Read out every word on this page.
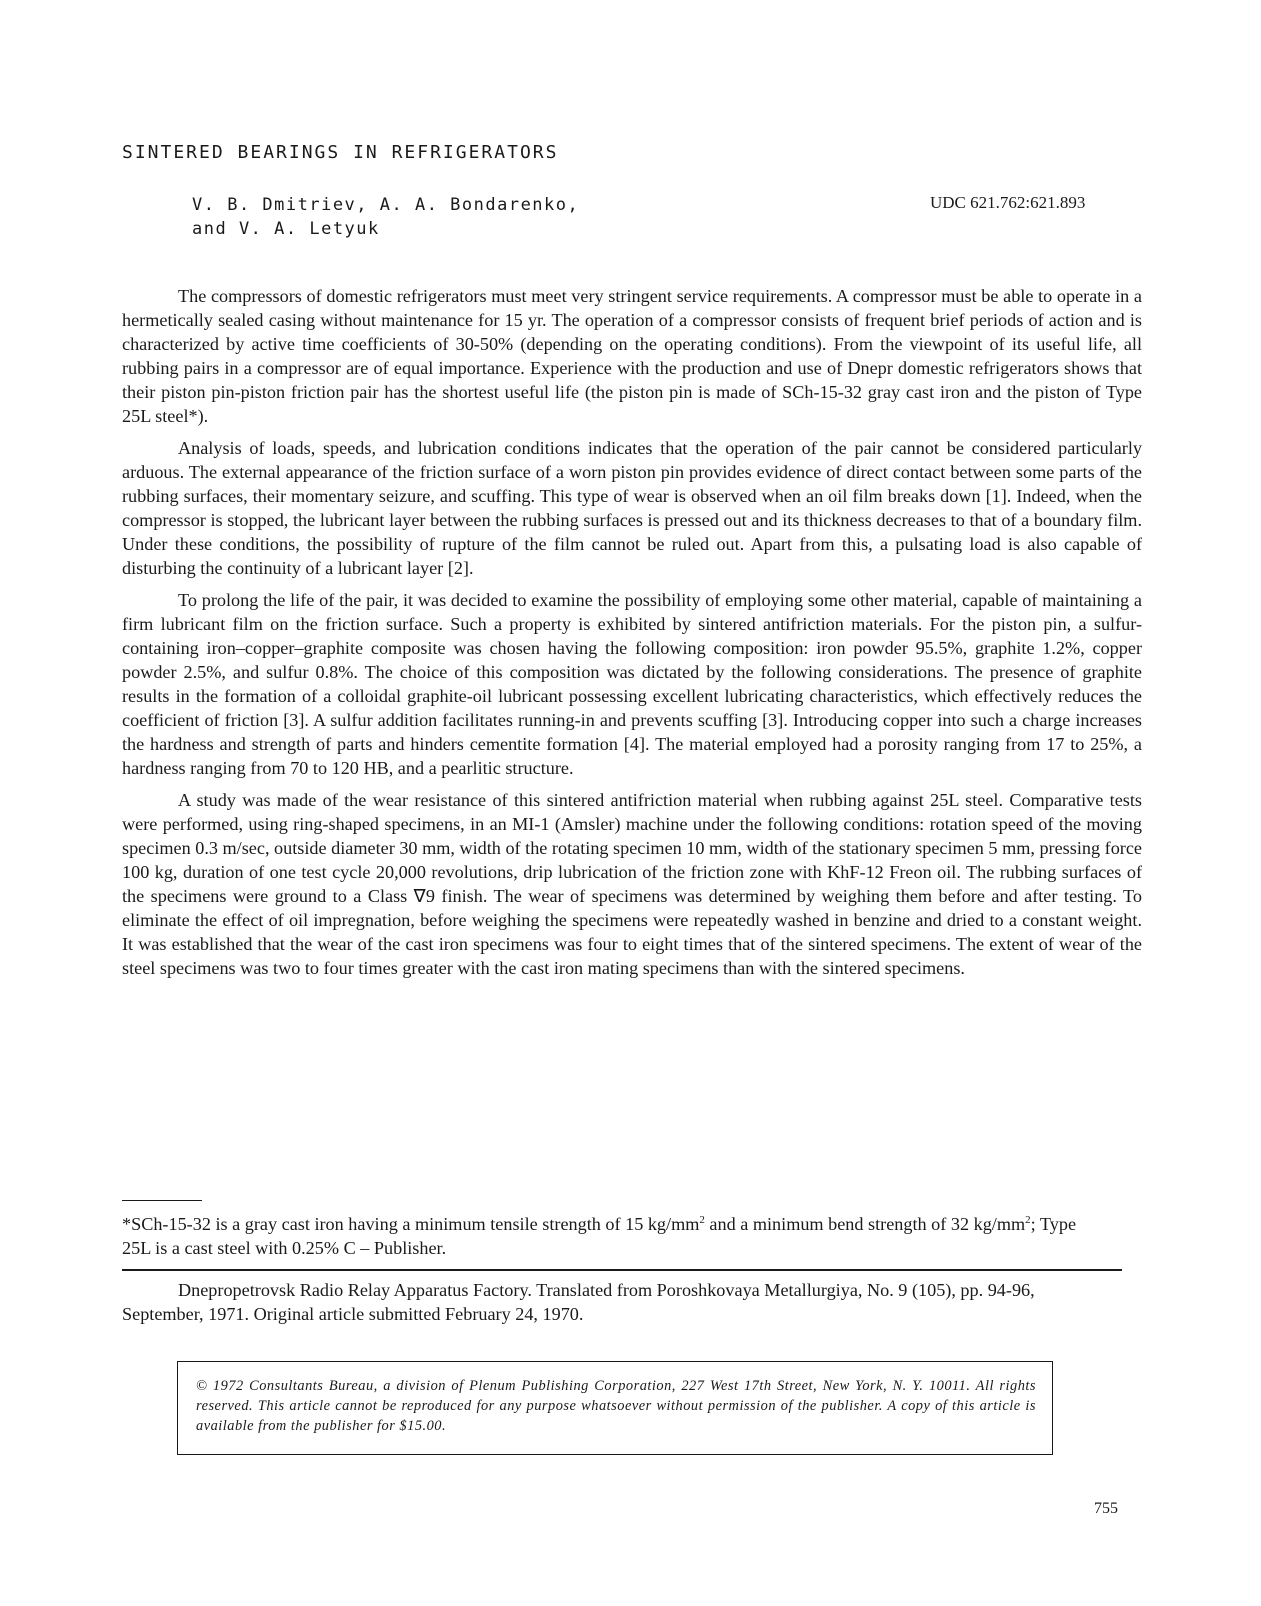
SINTERED BEARINGS IN REFRIGERATORS
V. B. Dmitriev, A. A. Bondarenko,
and V. A. Letyuk
UDC 621.762:621.893

The compressors of domestic refrigerators must meet very stringent service requirements. A compressor must be able to operate in a hermetically sealed casing without maintenance for 15 yr. The operation of a compressor consists of frequent brief periods of action and is characterized by active time coefficients of 30-50% (depending on the operating conditions). From the viewpoint of its useful life, all rubbing pairs in a compressor are of equal importance. Experience with the production and use of Dnepr domestic refrigerators shows that their piston pin-piston friction pair has the shortest useful life (the piston pin is made of SCh-15-32 gray cast iron and the piston of Type 25L steel*).

Analysis of loads, speeds, and lubrication conditions indicates that the operation of the pair cannot be considered particularly arduous. The external appearance of the friction surface of a worn piston pin provides evidence of direct contact between some parts of the rubbing surfaces, their momentary seizure, and scuffing. This type of wear is observed when an oil film breaks down [1]. Indeed, when the compressor is stopped, the lubricant layer between the rubbing surfaces is pressed out and its thickness decreases to that of a boundary film. Under these conditions, the possibility of rupture of the film cannot be ruled out. Apart from this, a pulsating load is also capable of disturbing the continuity of a lubricant layer [2].

To prolong the life of the pair, it was decided to examine the possibility of employing some other material, capable of maintaining a firm lubricant film on the friction surface. Such a property is exhibited by sintered antifriction materials. For the piston pin, a sulfur-containing iron–copper–graphite composite was chosen having the following composition: iron powder 95.5%, graphite 1.2%, copper powder 2.5%, and sulfur 0.8%. The choice of this composition was dictated by the following considerations. The presence of graphite results in the formation of a colloidal graphite-oil lubricant possessing excellent lubricating characteristics, which effectively reduces the coefficient of friction [3]. A sulfur addition facilitates running-in and prevents scuffing [3]. Introducing copper into such a charge increases the hardness and strength of parts and hinders cementite formation [4]. The material employed had a porosity ranging from 17 to 25%, a hardness ranging from 70 to 120 HB, and a pearlitic structure.

A study was made of the wear resistance of this sintered antifriction material when rubbing against 25L steel. Comparative tests were performed, using ring-shaped specimens, in an MI-1 (Amsler) machine under the following conditions: rotation speed of the moving specimen 0.3 m/sec, outside diameter 30 mm, width of the rotating specimen 10 mm, width of the stationary specimen 5 mm, pressing force 100 kg, duration of one test cycle 20,000 revolutions, drip lubrication of the friction zone with KhF-12 Freon oil. The rubbing surfaces of the specimens were ground to a Class ∇9 finish. The wear of specimens was determined by weighing them before and after testing. To eliminate the effect of oil impregnation, before weighing the specimens were repeatedly washed in benzine and dried to a constant weight. It was established that the wear of the cast iron specimens was four to eight times that of the sintered specimens. The extent of wear of the steel specimens was two to four times greater with the cast iron mating specimens than with the sintered specimens.

*SCh-15-32 is a gray cast iron having a minimum tensile strength of 15 $kg/mm^2$ and a minimum bend strength of 32 $kg/mm^2$; Type 25L is a cast steel with 0.25% C – Publisher.
Dnepropetrovsk Radio Relay Apparatus Factory. Translated from Poroshkovaya Metallurgiya, No. 9 (105), pp. 94-96, September, 1971. Original article submitted February 24, 1970.
© 1972 Consultants Bureau, a division of Plenum Publishing Corporation, 227 West 17th Street, New York, N. Y. 10011. All rights reserved. This article cannot be reproduced for any purpose whatsoever without permission of the publisher. A copy of this article is available from the publisher for $15.00.
755
